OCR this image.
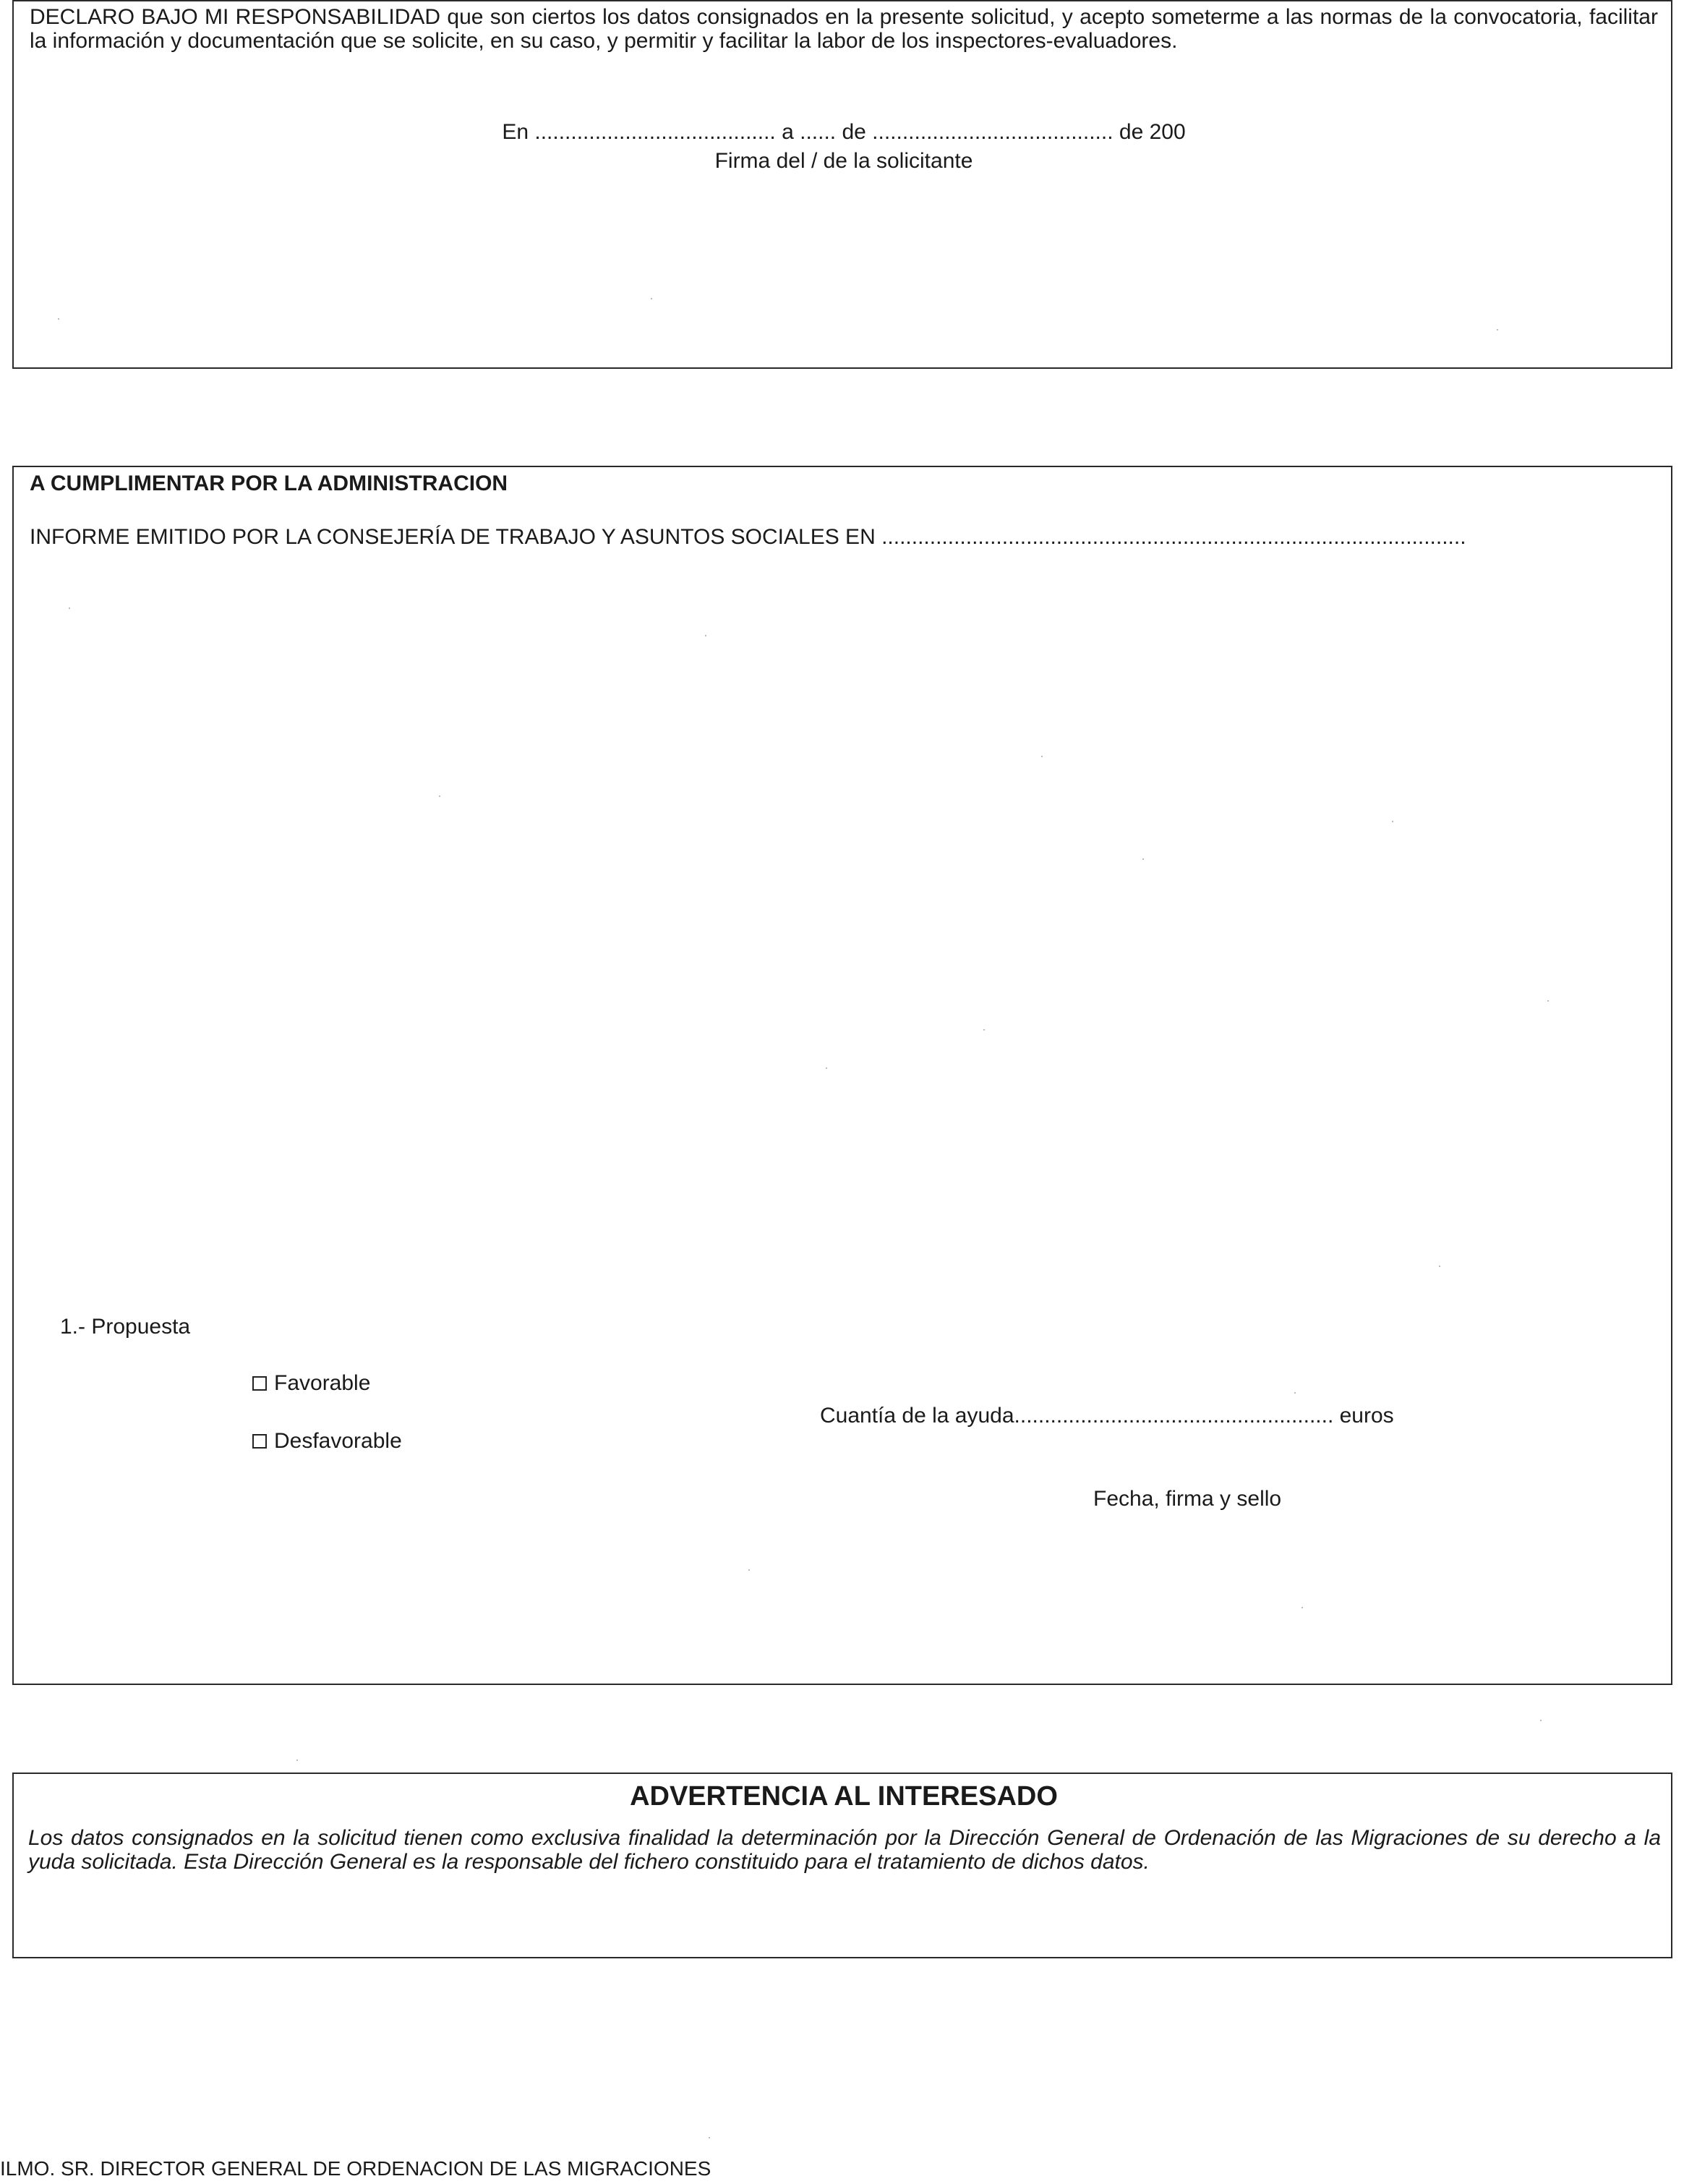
DECLARO BAJO MI RESPONSABILIDAD que son ciertos los datos consignados en la presente solicitud, y acepto someterme a las normas de la convocatoria, facilitar la información y documentación que se solicite, en su caso, y permitir y facilitar la labor de los inspectores-evaluadores.
En ........................................ a ...... de ........................................ de 200
Firma del / de la solicitante
A CUMPLIMENTAR POR LA ADMINISTRACION
INFORME EMITIDO POR LA CONSEJERÍA DE TRABAJO Y ASUNTOS SOCIALES EN .................................................................................................
1.- Propuesta
Favorable
Desfavorable
Cuantía de la ayuda..................................................... euros
Fecha, firma y sello
ADVERTENCIA AL INTERESADO
Los datos consignados en la solicitud tienen como exclusiva finalidad la determinación por la Dirección General de Ordenación de las Migraciones de su derecho a la yuda solicitada. Esta Dirección General es la responsable del fichero constituido para el tratamiento de dichos datos.
ILMO. SR. DIRECTOR GENERAL DE ORDENACION DE LAS MIGRACIONES
